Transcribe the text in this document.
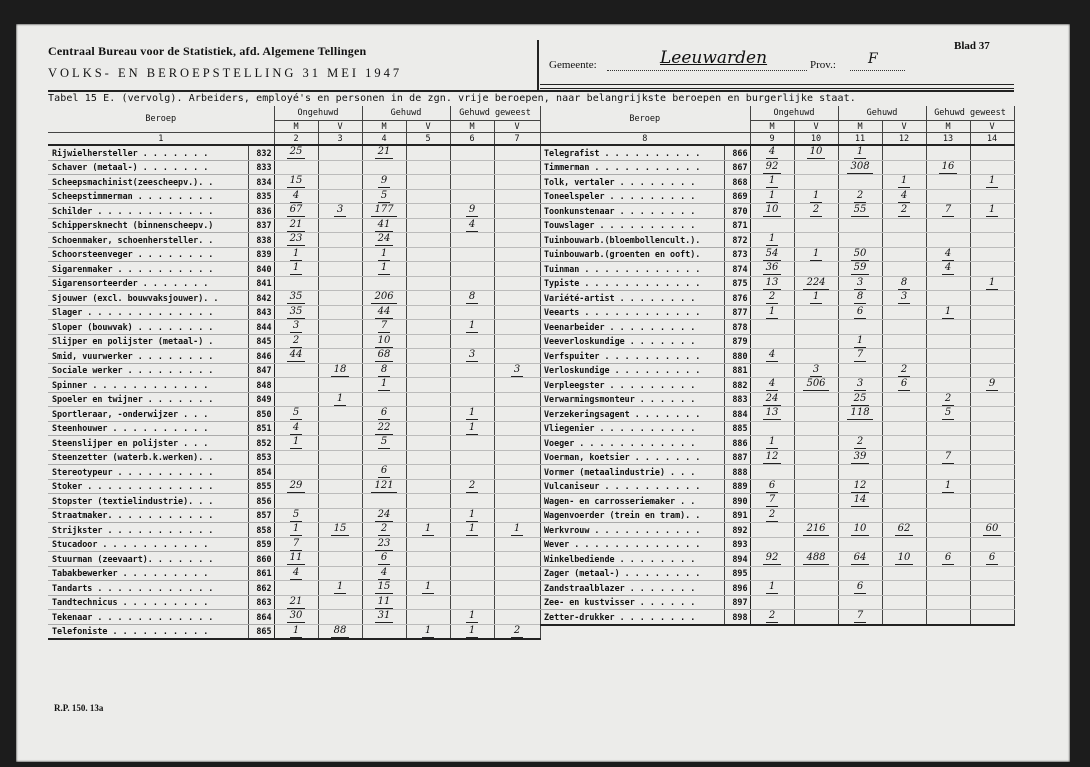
Centraal Bureau voor de Statistiek, afd. Algemene Tellingen
VOLKS- EN BEROEPSTELLING 31 MEI 1947
Gemeente:	Leeuwarden	Prov.: F
Blad 37
Tabel 15 E. (vervolg). Arbeiders, employé's en personen in de zgn. vrije beroepen, naar belangrijkste beroepen en burgerlijke staat.
Beroep		Ongehuwd		Gehuwd		Gehuwd geweest	
		M	V	M	V	M	V
1		2	3	4	5	6	7
Rijwielhersteller . . . . . . .	832	25		21			
Schaver (metaal-) . . . . . . .	833						
Scheepsmachinist(zeescheepv.). .	834	15		9			
Scheepstimmerman . . . . . . . .	835	4		5			
Schilder . . . . . . . . . . . .	836	67	3	177		9	
Schippersknecht (binnenscheepv.)	837	21		41		4	
Schoenmaker, schoenhersteller. .	838	23		24			
Schoorsteenveger . . . . . . . .	839	1		1			
Sigarenmaker . . . . . . . . . .	840	1		1			
Sigarensorteerder . . . . . . .	841						
Sjouwer (excl. bouwvaksjouwer). .	842	35		206		8	
Slager . . . . . . . . . . . . .	843	35		44			
Sloper (bouwvak) . . . . . . . .	844	3		7		1	
Slijper en polijster (metaal-) .	845	2		10			
Smid, vuurwerker . . . . . . . .	846	44		68		3	
Sociale werker . . . . . . . . .	847		18	8			3
Spinner . . . . . . . . . . . .	848			1			
Spoeler en twijner . . . . . . .	849		1				
Sportleraar, -onderwijzer . . .	850	5		6		1	
Steenhouwer . . . . . . . . . .	851	4		22		1	
Steenslijper en polijster . . .	852	1		5			
Steenzetter (waterb.k.werken). .	853						
Stereotypeur . . . . . . . . . .	854			6			
Stoker . . . . . . . . . . . . .	855	29		121		2	
Stopster (textielindustrie). . .	856						
Straatmaker. . . . . . . . . . .	857	5		24		1	
Strijkster . . . . . . . . . . .	858	1	15	2	1	1	1
Stucadoor . . . . . . . . . . .	859	7		23			
Stuurman (zeevaart). . . . . . .	860	11		6			
Tabakbewerker . . . . . . . . .	861	4		4			
Tandarts . . . . . . . . . . . .	862		1	15	1		
Tandtechnicus . . . . . . . . .	863	21		11			
Tekenaar . . . . . . . . . . . .	864	30		31		1	
Telefoniste . . . . . . . . . .	865	1	88		1	1	2
Beroep		Ongehuwd		Gehuwd		Gehuwd geweest	
		M	V	M	V	M	V
8		9	10	11	12	13	14
Telegrafist . . . . . . . . . .	866	4	10	1			
Timmerman . . . . . . . . . . .	867	92		308		16	
Tolk, vertaler . . . . . . . .	868	1			1		1
Toneelspeler . . . . . . . . .	869	1	1	2	4		
Toonkunstenaar . . . . . . . .	870	10	2	55	2	7	1
Touwslager . . . . . . . . . .	871						
Tuinbouwarb.(bloembollencult.).	872	1					
Tuinbouwarb.(groenten en ooft).	873	54	1	50		4	
Tuinman . . . . . . . . . . . .	874	36		59		4	
Typiste . . . . . . . . . . . .	875	13	224	3	8		1
Variété-artist . . . . . . . .	876	2	1	8	3		
Veearts . . . . . . . . . . . .	877	1		6		1	
Veenarbeider . . . . . . . . .	878						
Veeverloskundige . . . . . . .	879			1			
Verfspuiter . . . . . . . . . .	880	4		7			
Verloskundige . . . . . . . . .	881		3		2		
Verpleegster . . . . . . . . .	882	4	506	3	6		9
Verwarmingsmonteur . . . . . .	883	24		25		2	
Verzekeringsagent . . . . . . .	884	13		118		5	
Vliegenier . . . . . . . . . .	885						
Voeger . . . . . . . . . . . .	886	1		2			
Voerman, koetsier . . . . . . .	887	12		39		7	
Vormer (metaalindustrie) . . .	888						
Vulcaniseur . . . . . . . . . .	889	6		12		1	
Wagen- en carrosseriemaker . .	890	7		14			
Wagenvoerder (trein en tram). .	891	2					
Werkvrouw . . . . . . . . . . .	892		216	10	62		60
Wever . . . . . . . . . . . . .	893						
Winkelbediende . . . . . . . .	894	92	488	64	10	6	6
Zager (metaal-) . . . . . . . .	895						
Zandstraalblazer . . . . . . .	896	1		6			
Zee- en kustvisser . . . . . .	897						
Zetter-drukker . . . . . . . .	898	2		7			
R.P. 150. 13a
